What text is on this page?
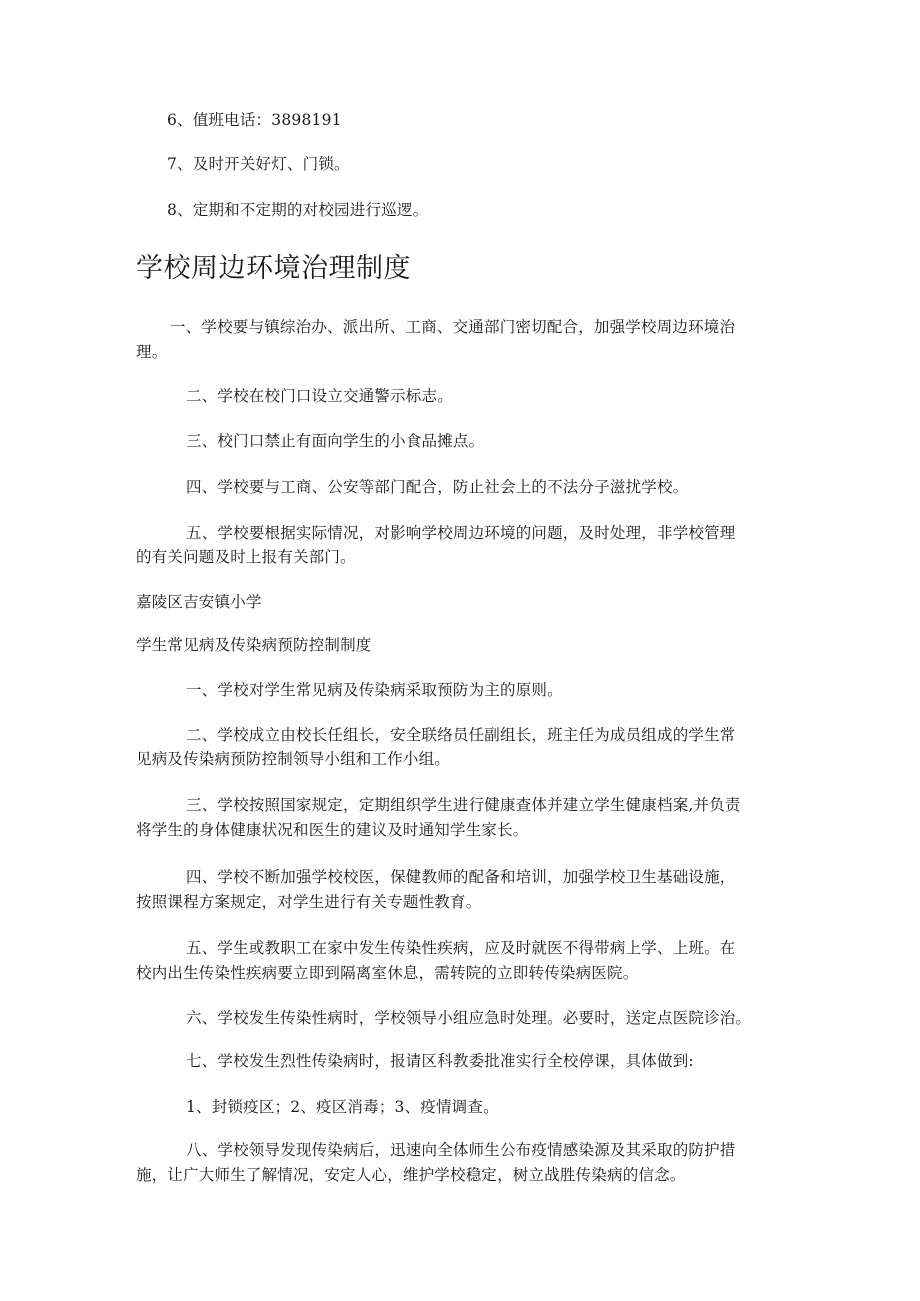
6、值班电话：3898191
7、及时开关好灯、门锁。
8、定期和不定期的对校园进行巡逻。
学校周边环境治理制度
一、学校要与镇综治办、派出所、工商、交通部门密切配合，加强学校周边环境治
理。
二、学校在校门口设立交通警示标志。
三、校门口禁止有面向学生的小食品摊点。
四、学校要与工商、公安等部门配合，防止社会上的不法分子滋扰学校。
五、学校要根据实际情况，对影响学校周边环境的问题，及时处理，非学校管理
的有关问题及时上报有关部门。
嘉陵区吉安镇小学
学生常见病及传染病预防控制制度
一、学校对学生常见病及传染病采取预防为主的原则。
二、学校成立由校长任组长，安全联络员任副组长，班主任为成员组成的学生常
见病及传染病预防控制领导小组和工作小组。
三、学校按照国家规定，定期组织学生进行健康查体并建立学生健康档案,并负责
将学生的身体健康状况和医生的建议及时通知学生家长。
四、学校不断加强学校校医，保健教师的配备和培训，加强学校卫生基础设施，
按照课程方案规定，对学生进行有关专题性教育。
五、学生或教职工在家中发生传染性疾病，应及时就医不得带病上学、上班。在
校内出生传染性疾病要立即到隔离室休息，需转院的立即转传染病医院。
六、学校发生传染性病时，学校领导小组应急时处理。必要时，送定点医院诊治。
七、学校发生烈性传染病时，报请区科教委批准实行全校停课，具体做到:
1、封锁疫区；2、疫区消毒；3、疫情调查。
八、学校领导发现传染病后，迅速向全体师生公布疫情感染源及其采取的防护措
施，让广大师生了解情况，安定人心，维护学校稳定，树立战胜传染病的信念。
